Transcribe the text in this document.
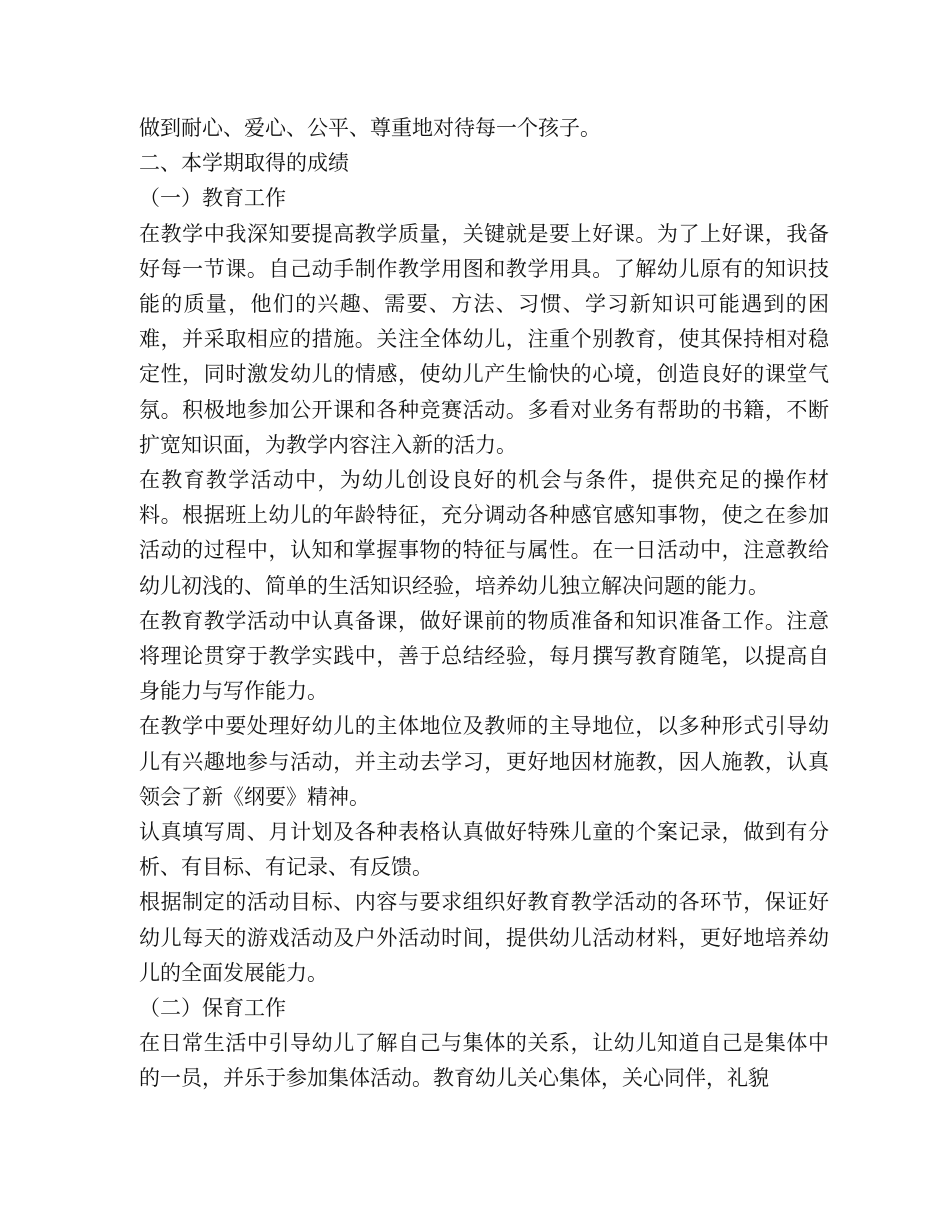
做到耐心、爱心、公平、尊重地对待每一个孩子。

二、本学期取得的成绩

（一）教育工作

在教学中我深知要提高教学质量，关键就是要上好课。为了上好课，我备好每一节课。自己动手制作教学用图和教学用具。了解幼儿原有的知识技能的质量，他们的兴趣、需要、方法、习惯、学习新知识可能遇到的困难，并采取相应的措施。关注全体幼儿，注重个别教育，使其保持相对稳定性，同时激发幼儿的情感，使幼儿产生愉快的心境，创造良好的课堂气氛。积极地参加公开课和各种竞赛活动。多看对业务有帮助的书籍，不断扩宽知识面，为教学内容注入新的活力。

在教育教学活动中，为幼儿创设良好的机会与条件，提供充足的操作材料。根据班上幼儿的年龄特征，充分调动各种感官感知事物，使之在参加活动的过程中，认知和掌握事物的特征与属性。在一日活动中，注意教给幼儿初浅的、简单的生活知识经验，培养幼儿独立解决问题的能力。

在教育教学活动中认真备课，做好课前的物质准备和知识准备工作。注意将理论贯穿于教学实践中，善于总结经验，每月撰写教育随笔，以提高自身能力与写作能力。

在教学中要处理好幼儿的主体地位及教师的主导地位，以多种形式引导幼儿有兴趣地参与活动，并主动去学习，更好地因材施教，因人施教，认真领会了新《纲要》精神。

认真填写周、月计划及各种表格认真做好特殊儿童的个案记录，做到有分析、有目标、有记录、有反馈。

根据制定的活动目标、内容与要求组织好教育教学活动的各环节，保证好幼儿每天的游戏活动及户外活动时间，提供幼儿活动材料，更好地培养幼儿的全面发展能力。

（二）保育工作

在日常生活中引导幼儿了解自己与集体的关系，让幼儿知道自己是集体中的一员，并乐于参加集体活动。教育幼儿关心集体，关心同伴，礼貌
